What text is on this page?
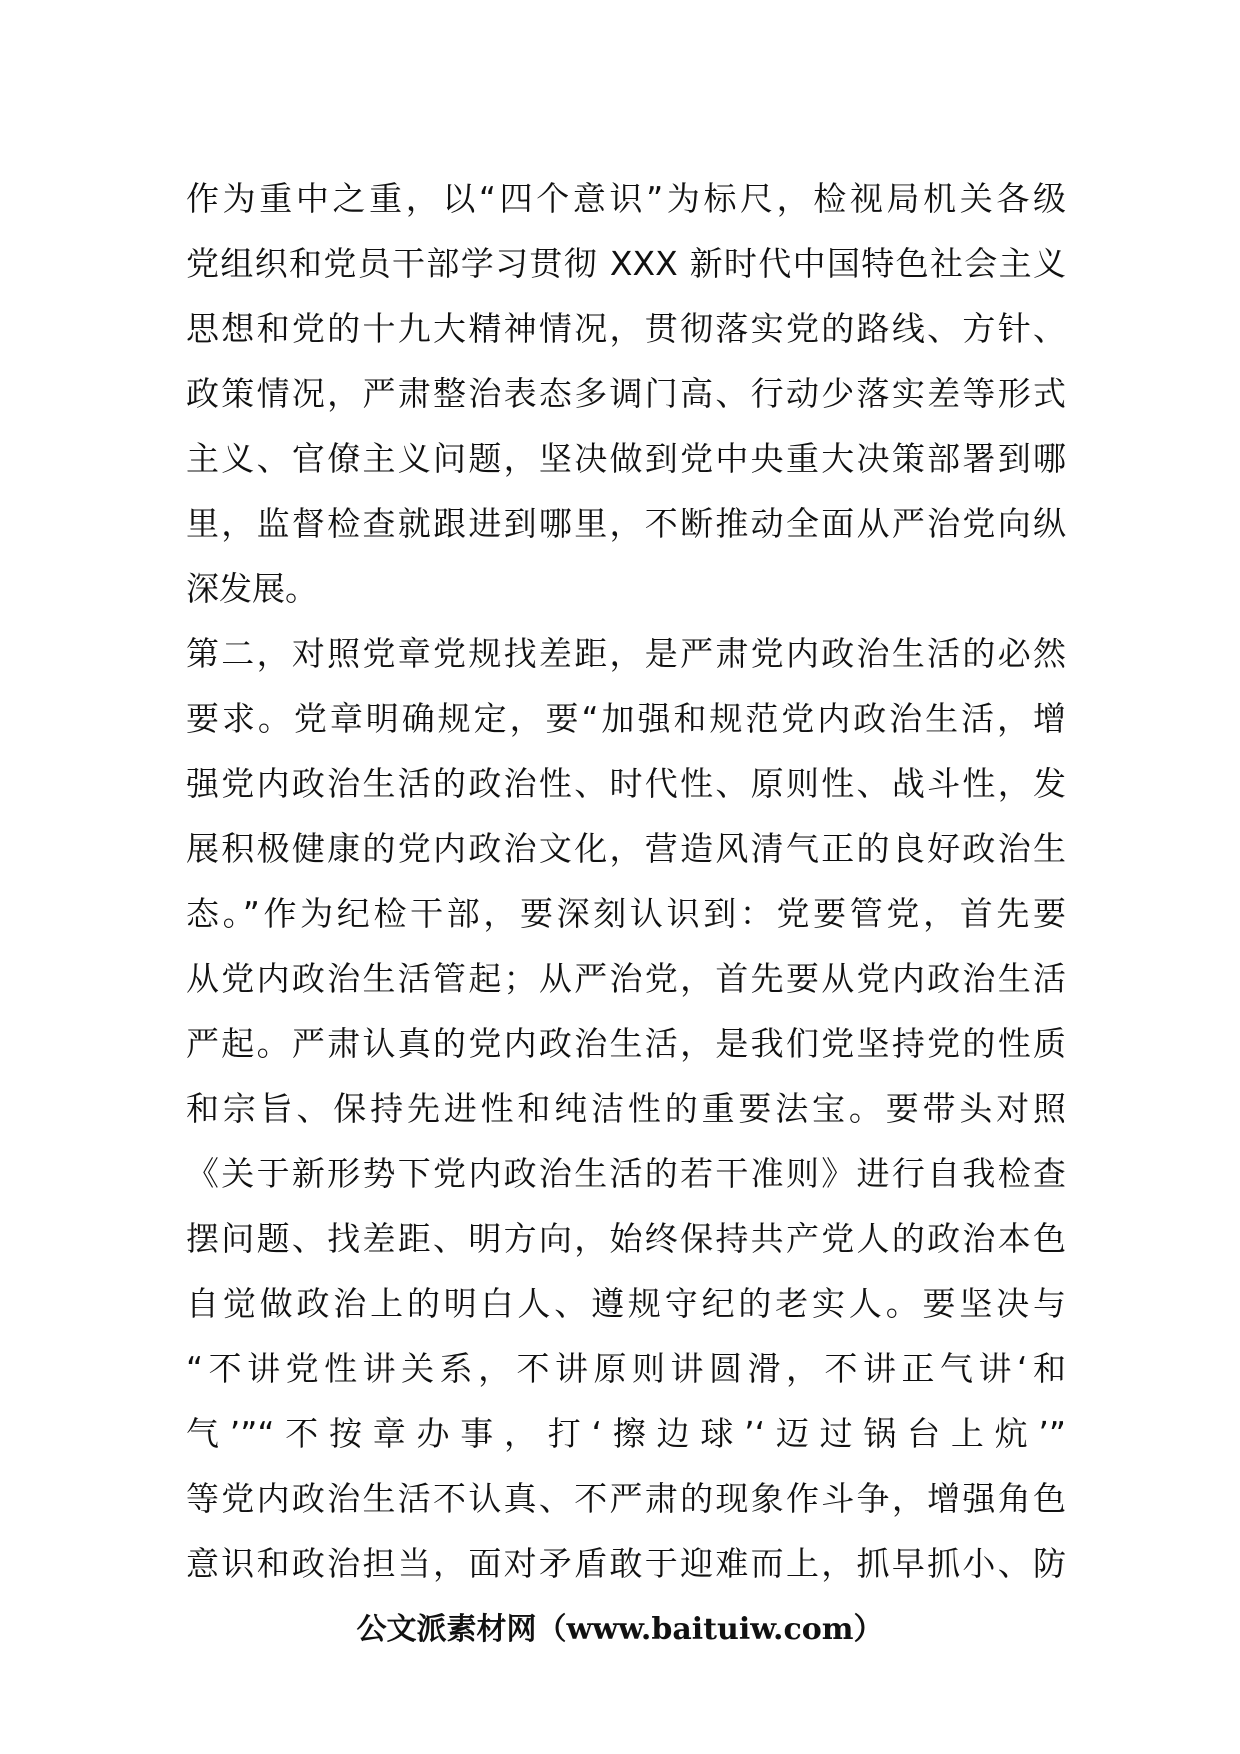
作为重中之重，以“四个意识”为标尺，检视局机关各级
党组织和党员干部学习贯彻 XXX 新时代中国特色社会主义
思想和党的十九大精神情况，贯彻落实党的路线、方针、
政策情况，严肃整治表态多调门高、行动少落实差等形式
主义、官僚主义问题，坚决做到党中央重大决策部署到哪
里，监督检查就跟进到哪里，不断推动全面从严治党向纵
深发展。
第二，对照党章党规找差距，是严肃党内政治生活的必然
要求。党章明确规定，要“加强和规范党内政治生活，增
强党内政治生活的政治性、时代性、原则性、战斗性，发
展积极健康的党内政治文化，营造风清气正的良好政治生
态。”作为纪检干部，要深刻认识到：党要管党，首先要
从党内政治生活管起；从严治党，首先要从党内政治生活
严起。严肃认真的党内政治生活，是我们党坚持党的性质
和宗旨、保持先进性和纯洁性的重要法宝。要带头对照
《关于新形势下党内政治生活的若干准则》进行自我检查
摆问题、找差距、明方向，始终保持共产党人的政治本色
自觉做政治上的明白人、遵规守纪的老实人。要坚决与
“不讲党性讲关系，不讲原则讲圆滑，不讲正气讲‘和
气’”“不按章办事，打‘擦边球’‘迈过锅台上炕’”
等党内政治生活不认真、不严肃的现象作斗争，增强角色
意识和政治担当，面对矛盾敢于迎难而上，抓早抓小、防
公文派素材网（www.baituiw.com）
